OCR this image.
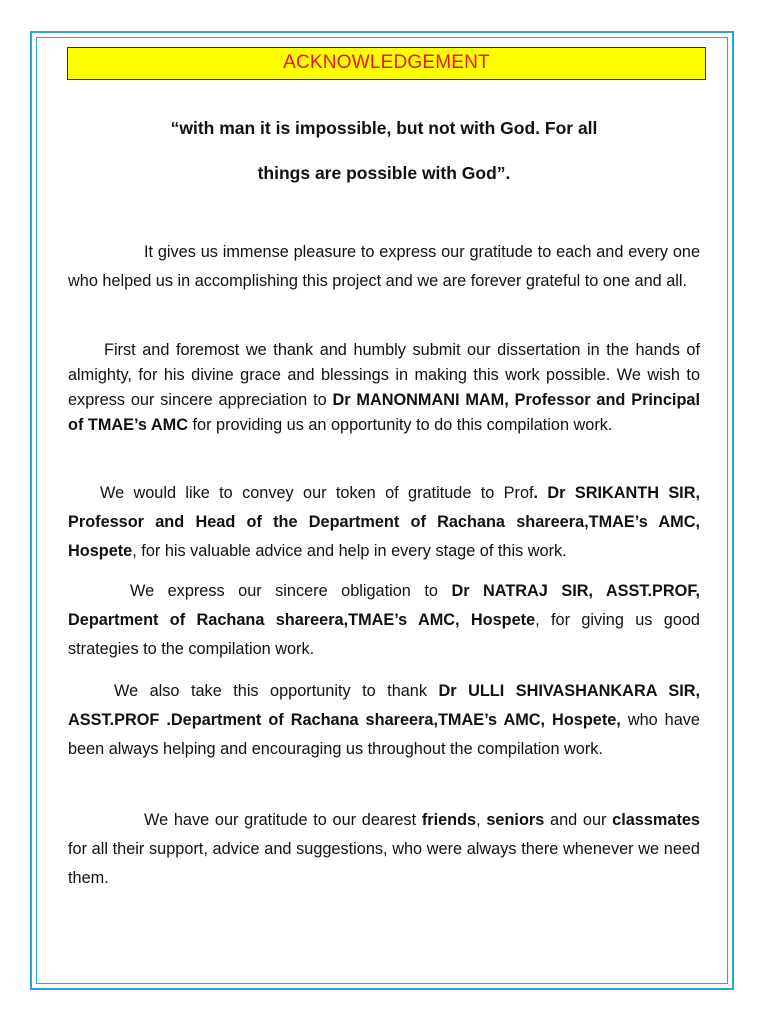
ACKNOWLEDGEMENT
“with man it is impossible, but not with God. For all
things are possible with God”.
It gives us immense pleasure to express our gratitude to each and every one who helped us in accomplishing this project and we are forever grateful to one and all.
First and foremost we thank and humbly submit our dissertation in the hands of almighty, for his divine grace and blessings in making this work possible. We wish to express our sincere appreciation to Dr MANONMANI MAM, Professor and Principal of TMAE’s AMC for providing us an opportunity to do this compilation work.
We would like to convey our token of gratitude to Prof. Dr SRIKANTH SIR, Professor and Head of the Department of Rachana shareera,TMAE’s AMC, Hospete, for his valuable advice and help in every stage of this work.
We express our sincere obligation to Dr NATRAJ SIR, ASST.PROF, Department of Rachana shareera,TMAE’s AMC, Hospete, for giving us good strategies to the compilation work.
We also take this opportunity to thank Dr ULLI SHIVASHANKARA SIR, ASST.PROF .Department of Rachana shareera,TMAE’s AMC, Hospete, who have been always helping and encouraging us throughout the compilation work.
We have our gratitude to our dearest friends, seniors and our classmates for all their support, advice and suggestions, who were always there whenever we need them.
